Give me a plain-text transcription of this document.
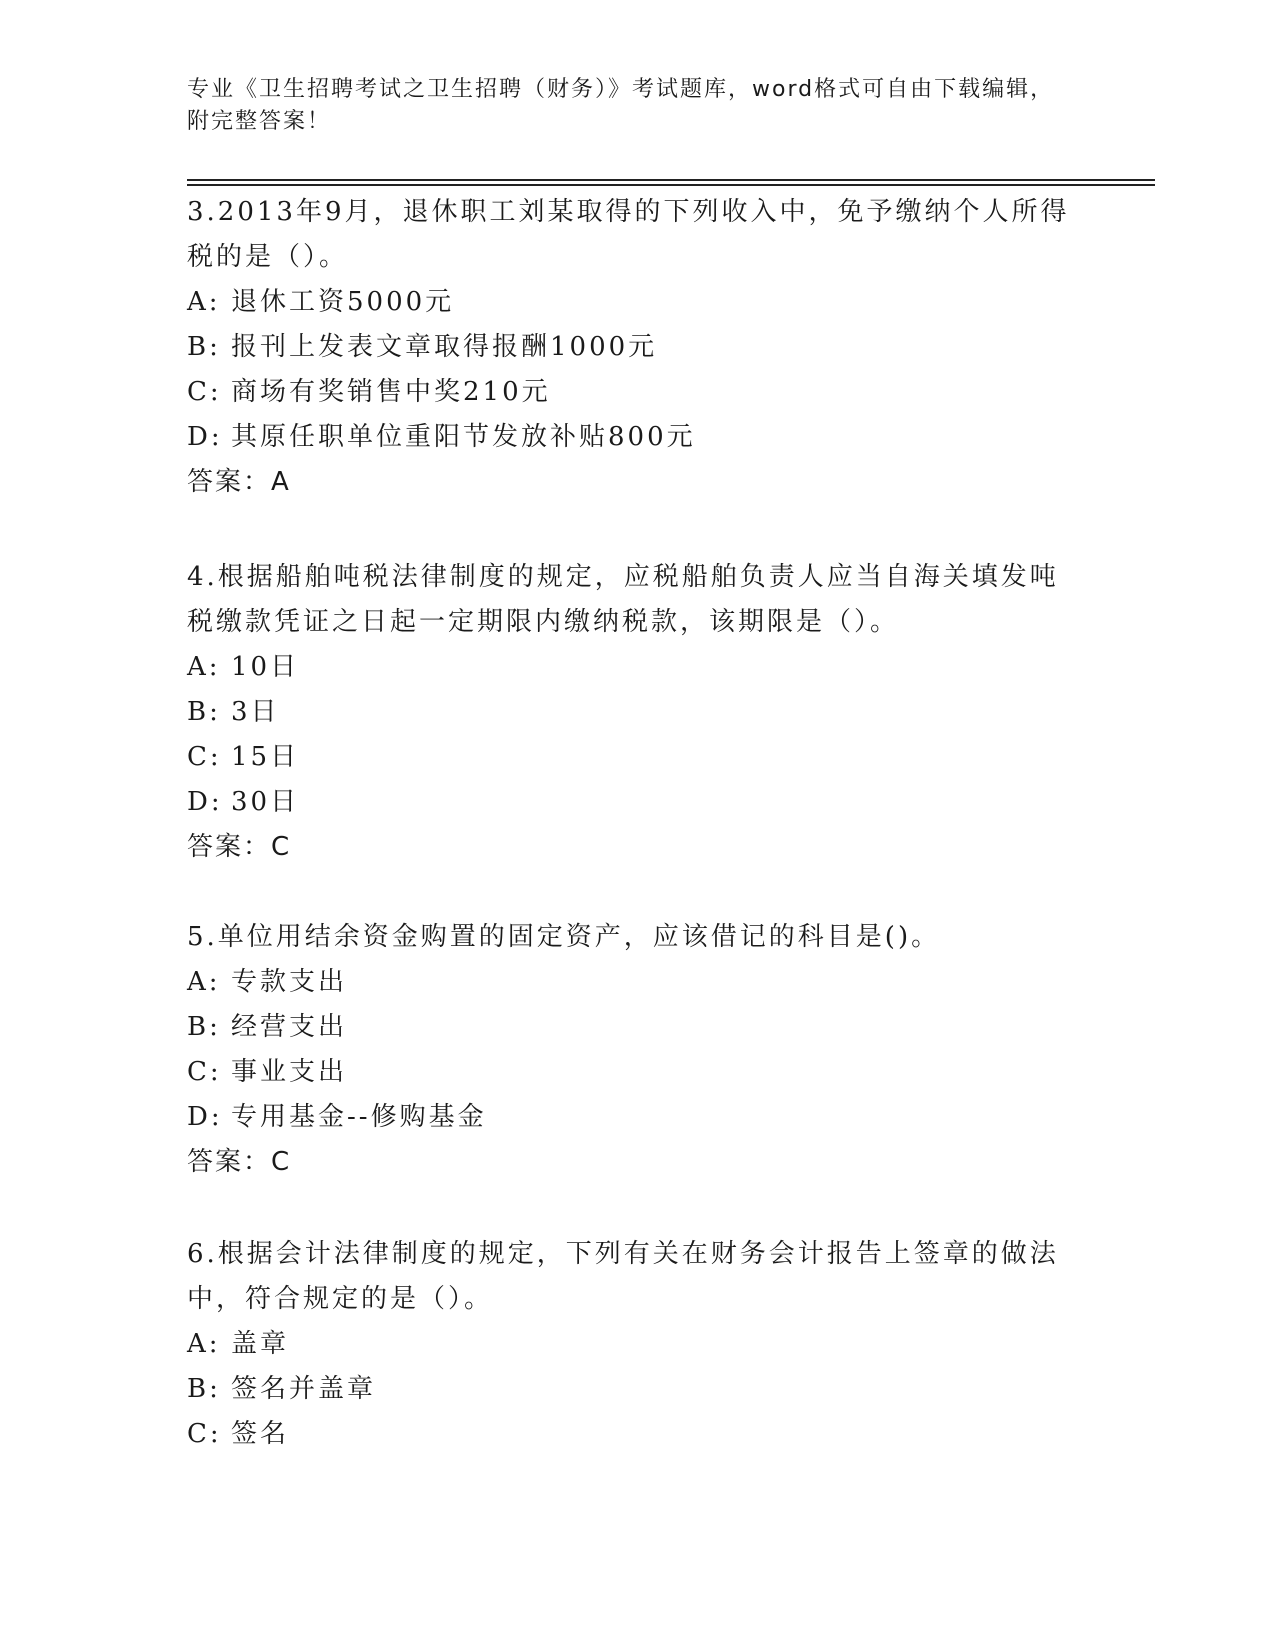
专业《卫生招聘考试之卫生招聘（财务）》考试题库，word格式可自由下载编辑，附完整答案！

3.2013年9月，退休职工刘某取得的下列收入中，免予缴纳个人所得税的是（）。

A: 退休工资5000元

B: 报刊上发表文章取得报酬1000元

C: 商场有奖销售中奖210元

D: 其原任职单位重阳节发放补贴800元

答案：A

4.根据船舶吨税法律制度的规定，应税船舶负责人应当自海关填发吨税缴款凭证之日起一定期限内缴纳税款，该期限是（）。

A: 10日

B: 3日

C: 15日

D: 30日

答案：C

5.单位用结余资金购置的固定资产，应该借记的科目是()。

A: 专款支出

B: 经营支出

C: 事业支出

D: 专用基金--修购基金

答案：C

6.根据会计法律制度的规定，下列有关在财务会计报告上签章的做法中，符合规定的是（）。

A: 盖章

B: 签名并盖章

C: 签名
